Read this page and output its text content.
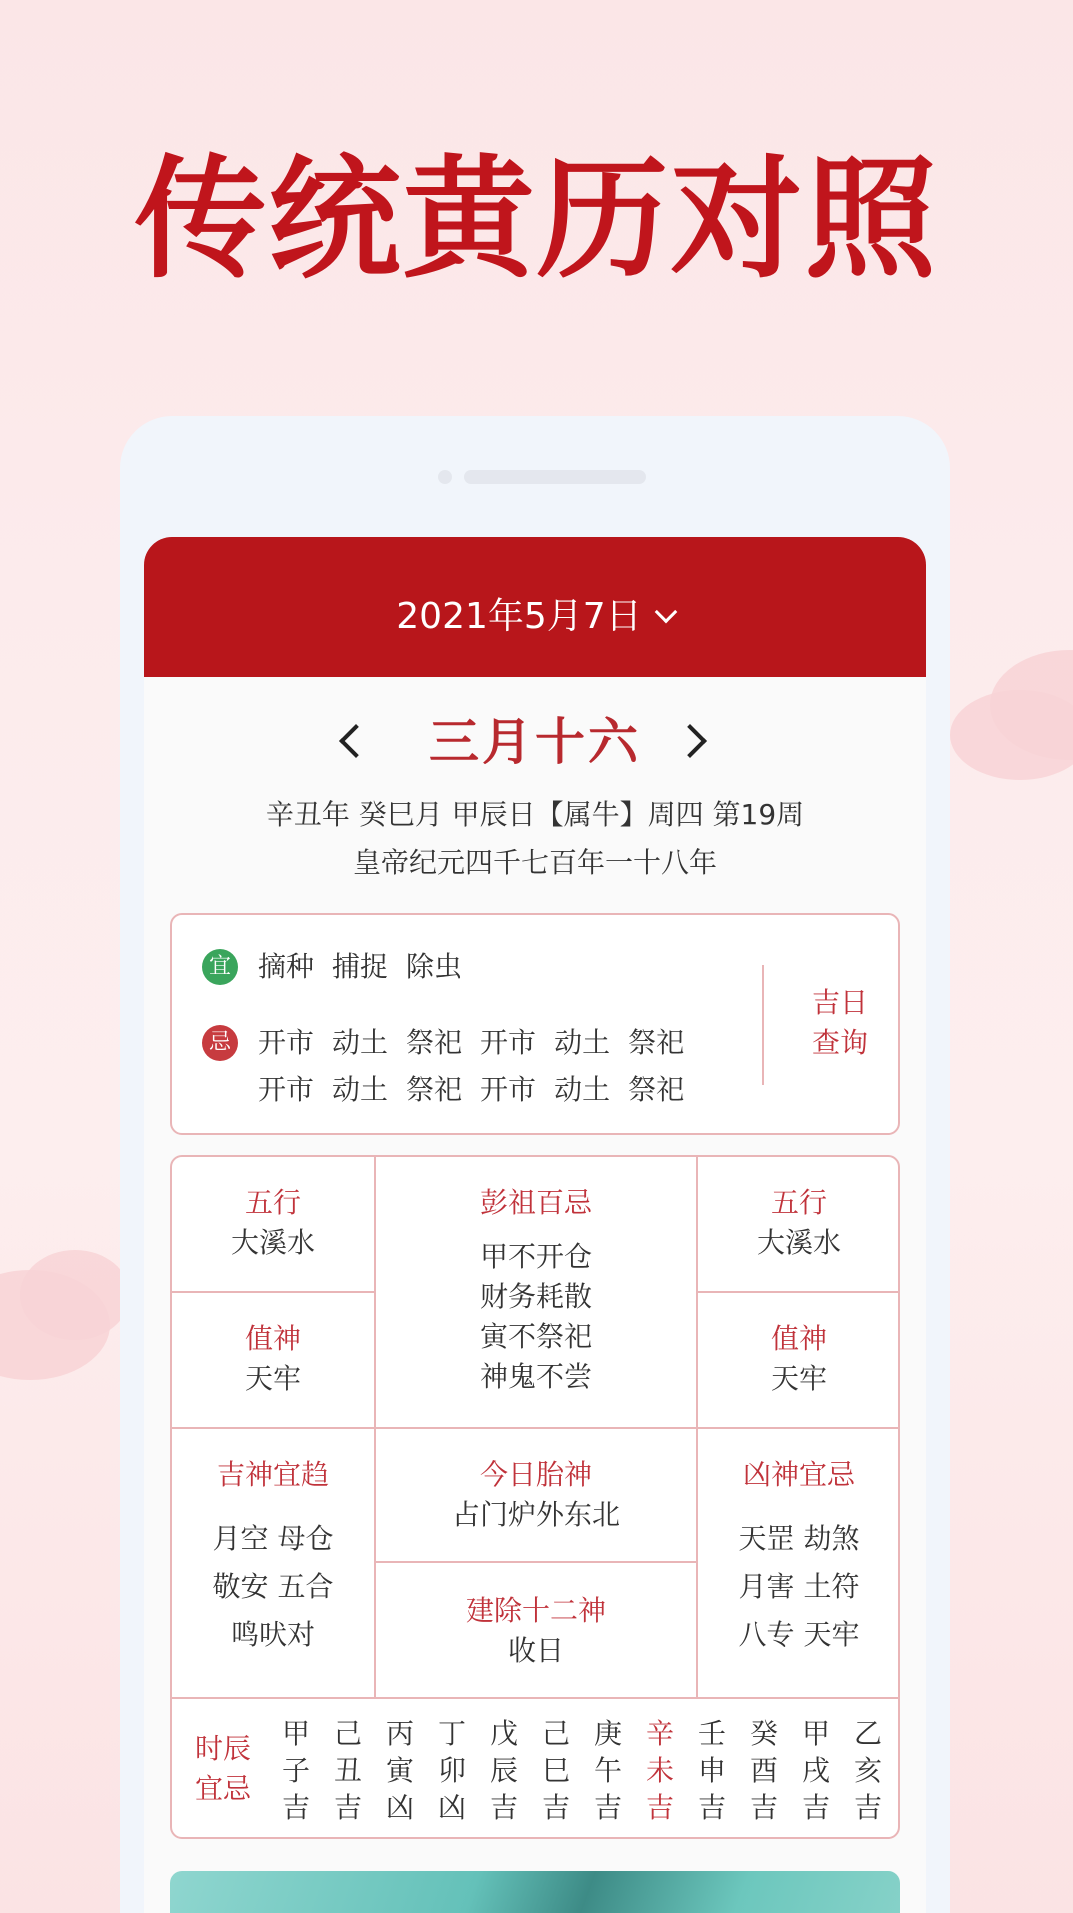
传统黄历对照
2021年5月7日
三月十六
辛丑年 癸巳月 甲辰日【属牛】周四 第19周
皇帝纪元四千七百年一十八年
宜 摘种 捕捉 除虫
忌 开市 动土 祭祀 开市 动土 祭祀
开市 动土 祭祀 开市 动土 祭祀
吉日
查询
五行
大溪水
彭祖百忌
甲不开仓
财务耗散
寅不祭祀
神鬼不尝
五行
大溪水
值神
天牢
值神
天牢
吉神宜趋
月空 母仓
敬安 五合
鸣吠对
今日胎神
占门炉外东北
建除十二神
收日
凶神宜忌
天罡 劫煞
月害 土符
八专 天牢
时辰
宜忌
甲
子
吉
己
丑
吉
丙
寅
凶
丁
卯
凶
戊
辰
吉
己
巳
吉
庚
午
吉
辛
未
吉
壬
申
吉
癸
酉
吉
甲
戌
吉
乙
亥
吉
